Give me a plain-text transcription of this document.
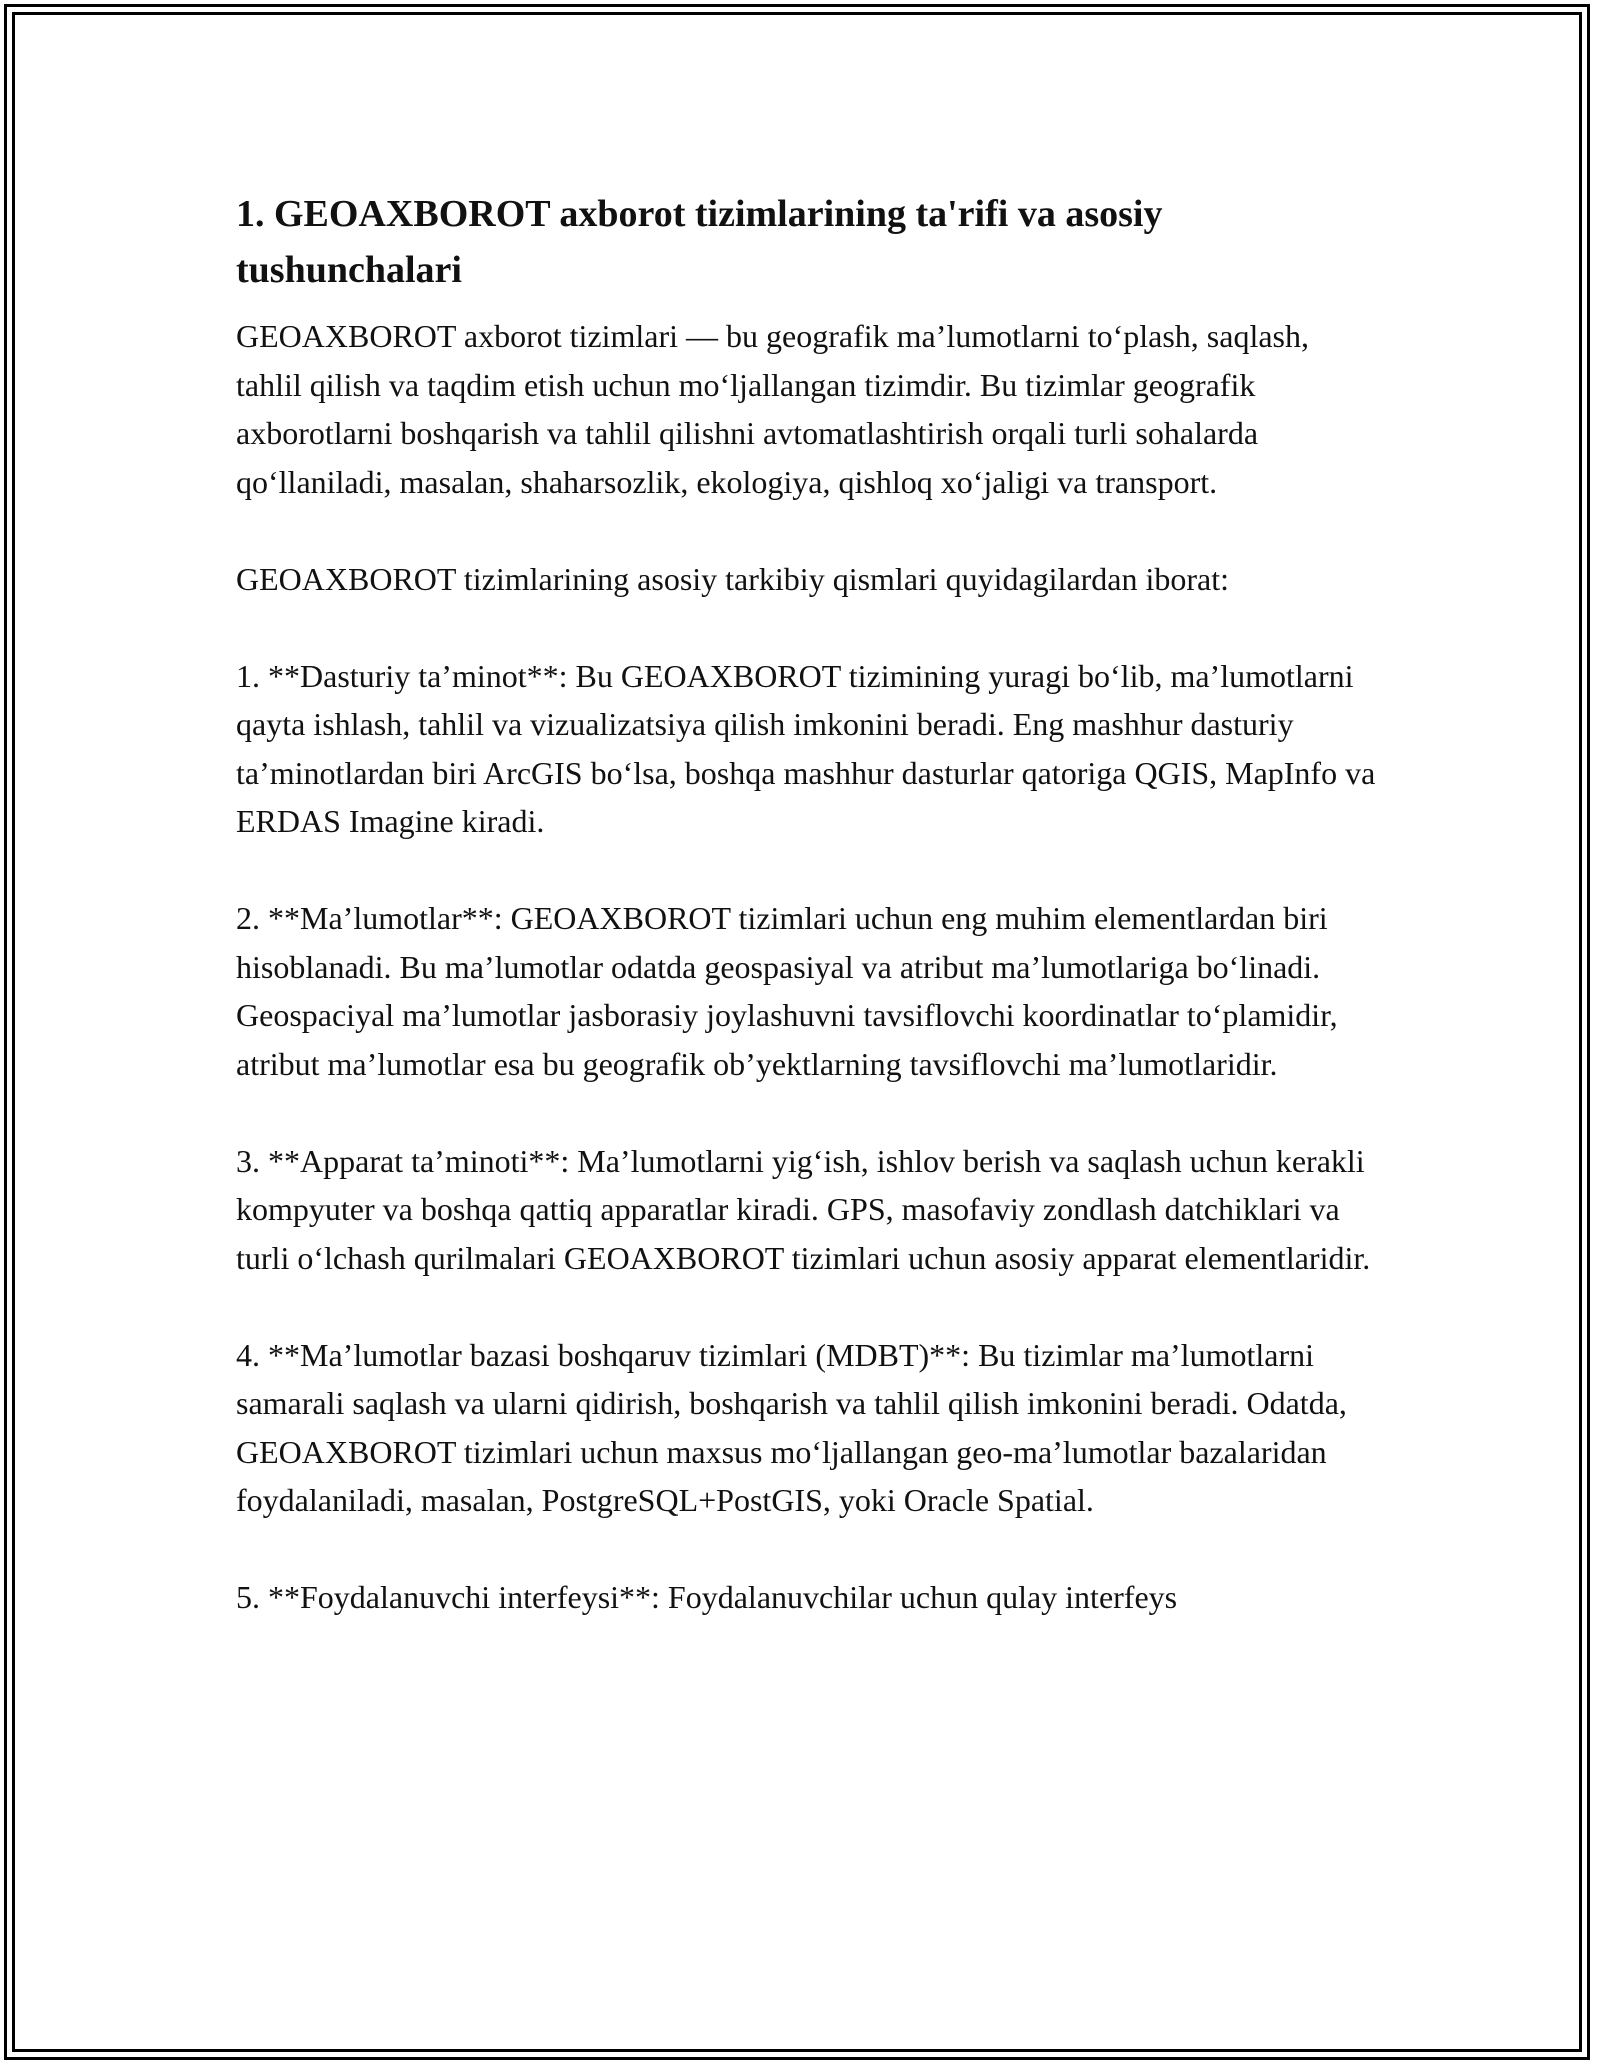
1. GEOAXBOROT axborot tizimlarining ta'rifi va asosiy tushunchalari

GEOAXBOROT axborot tizimlari — bu geografik ma’lumotlarni to‘plash, saqlash, tahlil qilish va taqdim etish uchun mo‘ljallangan tizimdir. Bu tizimlar geografik axborotlarni boshqarish va tahlil qilishni avtomatlashtirish orqali turli sohalarda qo‘llaniladi, masalan, shaharsozlik, ekologiya, qishloq xo‘jaligi va transport.

GEOAXBOROT tizimlarining asosiy tarkibiy qismlari quyidagilardan iborat:

1. **Dasturiy ta’minot**: Bu GEOAXBOROT tizimining yuragi bo‘lib, ma’lumotlarni qayta ishlash, tahlil va vizualizatsiya qilish imkonini beradi. Eng mashhur dasturiy ta’minotlardan biri ArcGIS bo‘lsa, boshqa mashhur dasturlar qatoriga QGIS, MapInfo va ERDAS Imagine kiradi.

2. **Ma’lumotlar**: GEOAXBOROT tizimlari uchun eng muhim elementlardan biri hisoblanadi. Bu ma’lumotlar odatda geospasiyal va atribut ma’lumotlariga bo‘linadi. Geospaciyal ma’lumotlar jasborasiy joylashuvni tavsiflovchi koordinatlar to‘plamidir, atribut ma’lumotlar esa bu geografik ob’yektlarning tavsiflovchi ma’lumotlaridir.

3. **Apparat ta’minoti**: Ma’lumotlarni yig‘ish, ishlov berish va saqlash uchun kerakli kompyuter va boshqa qattiq apparatlar kiradi. GPS, masofaviy zondlash datchiklari va turli o‘lchash qurilmalari GEOAXBOROT tizimlari uchun asosiy apparat elementlaridir.

4. **Ma’lumotlar bazasi boshqaruv tizimlari (MDBT)**: Bu tizimlar ma’lumotlarni samarali saqlash va ularni qidirish, boshqarish va tahlil qilish imkonini beradi. Odatda, GEOAXBOROT tizimlari uchun maxsus mo‘ljallangan geo-ma’lumotlar bazalaridan foydalaniladi, masalan, PostgreSQL+PostGIS, yoki Oracle Spatial.

5. **Foydalanuvchi interfeysi**: Foydalanuvchilar uchun qulay interfeys
